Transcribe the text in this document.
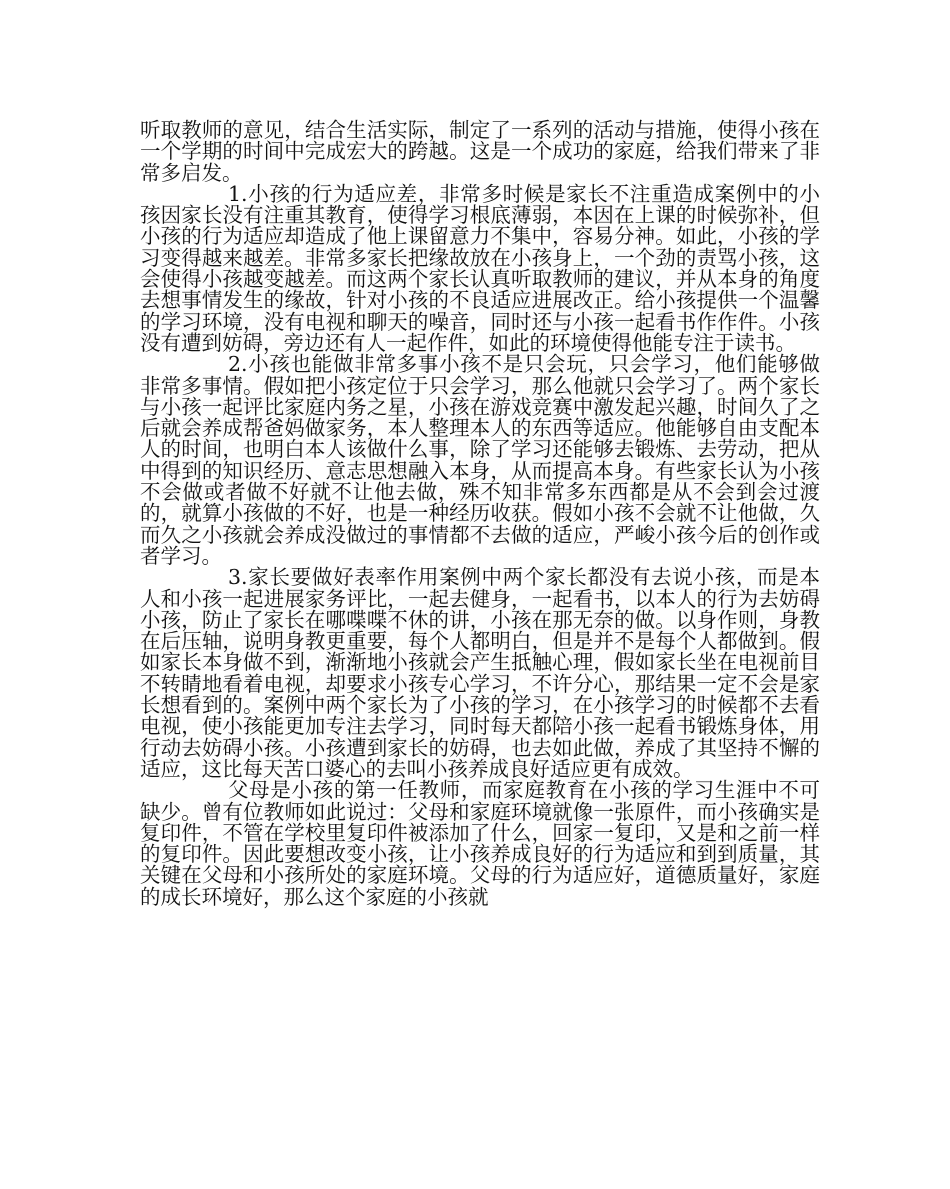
听取教师的意见，结合生活实际，制定了一系列的活动与措施，使得小孩在一个学期的时间中完成宏大的跨越。这是一个成功的家庭，给我们带来了非常多启发。

1.小孩的行为适应差，非常多时候是家长不注重造成案例中的小孩因家长没有注重其教育，使得学习根底薄弱，本因在上课的时候弥补，但小孩的行为适应却造成了他上课留意力不集中，容易分神。如此，小孩的学习变得越来越差。非常多家长把缘故放在小孩身上，一个劲的责骂小孩，这会使得小孩越变越差。而这两个家长认真听取教师的建议，并从本身的角度去想事情发生的缘故，针对小孩的不良适应进展改正。给小孩提供一个温馨的学习环境，没有电视和聊天的噪音，同时还与小孩一起看书作作件。小孩没有遭到妨碍，旁边还有人一起作件，如此的环境使得他能专注于读书。

2.小孩也能做非常多事小孩不是只会玩，只会学习，他们能够做非常多事情。假如把小孩定位于只会学习，那么他就只会学习了。两个家长与小孩一起评比家庭内务之星，小孩在游戏竞赛中激发起兴趣，时间久了之后就会养成帮爸妈做家务，本人整理本人的东西等适应。他能够自由支配本人的时间，也明白本人该做什么事，除了学习还能够去锻炼、去劳动，把从中得到的知识经历、意志思想融入本身，从而提高本身。有些家长认为小孩不会做或者做不好就不让他去做，殊不知非常多东西都是从不会到会过渡的，就算小孩做的不好，也是一种经历收获。假如小孩不会就不让他做，久而久之小孩就会养成没做过的事情都不去做的适应，严峻小孩今后的创作或者学习。

3.家长要做好表率作用案例中两个家长都没有去说小孩，而是本人和小孩一起进展家务评比，一起去健身，一起看书，以本人的行为去妨碍小孩，防止了家长在哪喋喋不休的讲，小孩在那无奈的做。以身作则，身教在后压轴，说明身教更重要，每个人都明白，但是并不是每个人都做到。假如家长本身做不到，渐渐地小孩就会产生抵触心理，假如家长坐在电视前目不转睛地看着电视，却要求小孩专心学习，不许分心，那结果一定不会是家长想看到的。案例中两个家长为了小孩的学习，在小孩学习的时候都不去看电视，使小孩能更加专注去学习，同时每天都陪小孩一起看书锻炼身体，用行动去妨碍小孩。小孩遭到家长的妨碍，也去如此做，养成了其坚持不懈的适应，这比每天苦口婆心的去叫小孩养成良好适应更有成效。

父母是小孩的第一任教师，而家庭教育在小孩的学习生涯中不可缺少。曾有位教师如此说过：父母和家庭环境就像一张原件，而小孩确实是复印件，不管在学校里复印件被添加了什么，回家一复印，又是和之前一样的复印件。因此要想改变小孩，让小孩养成良好的行为适应和到到质量，其关键在父母和小孩所处的家庭环境。父母的行为适应好，道德质量好，家庭的成长环境好，那么这个家庭的小孩就
